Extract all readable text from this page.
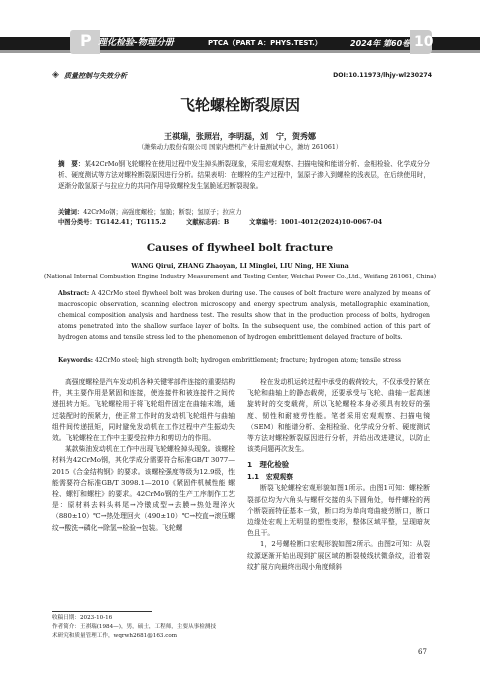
P 理化检验-物理分册	PTCA（PART A：PHYS.TEST.）	2024年 第60卷 10
◈ 质量控制与失效分析	DOI:10.11973/lhjy-wl230274
飞轮螺栓断裂原因
王祺瑞，张照岩，李明磊，刘　宁，贺秀娜
（潍柴动力股份有限公司 国家内燃机产业计量测试中心，潍坊 261061）
摘　要：某42CrMo钢飞轮螺栓在使用过程中发生掉头断裂现象，采用宏观观察、扫描电镜和能谱分析、金相检验、化学成分分析、硬度测试等方法对螺栓断裂原因进行分析。结果表明：在螺栓的生产过程中，氢原子渗入到螺栓的浅表层，在后续使用时，逐渐分散氢原子与拉应力的共同作用导致螺栓发生氢脆延迟断裂现象。
关键词：42CrMo钢；高强度螺栓；氢脆；断裂；氢原子；拉应力
中图分类号：TG142.41；TG115.2	文献标志码：B	文章编号：1001-4012(2024)10-0067-04
Causes of flywheel bolt fracture
WANG Qirui, ZHANG Zhaoyan, LI Minglei, LIU Ning, HE Xiuna
(National Internal Combustion Engine Industry Measurement and Testing Center, Weichai Power Co.,Ltd., Weifang 261061, China)
Abstract: A 42CrMo steel flywheel bolt was broken during use. The causes of bolt fracture were analyzed by means of macroscopic observation, scanning electron microscopy and energy spectrum analysis, metallographic examination, chemical composition analysis and hardness test. The results show that in the production process of bolts, hydrogen atoms penetrated into the shallow surface layer of bolts. In the subsequent use, the combined action of this part of hydrogen atoms and tensile stress led to the phenomenon of hydrogen embrittlement delayed fracture of bolts.
Keywords: 42CrMo steel; high strength bolt; hydrogen embrittlement; fracture; hydrogen atom; tensile stress

高强度螺栓是汽车发动机各种关键零部件连接的重要结构件，其主要作用是紧固和连接，使连接件和被连接件之间传递扭转力矩。飞轮螺栓用于将飞轮组件固定在曲轴末端，通过装配时的预紧力，使正常工作时的发动机飞轮组件与曲轴组件间传递扭矩，同时避免发动机在工作过程中产生振动失效。飞轮螺栓在工作中主要受拉伸力和剪切力的作用。

某款柴油发动机在工作中出现飞轮螺栓掉头现象。该螺栓材料为42CrMo钢，其化学成分需要符合标准GB/T 3077—2015《合金结构钢》的要求。该螺栓强度等级为12.9级，性能需要符合标准GB/T 3098.1—2010《紧固件机械性能 螺栓、螺钉和螺柱》的要求。42CrMo钢的生产工序制作工艺是：原材料去料头料尾→冷镦成型→去膜→热处理淬火（880±10）℃→热处理回火（490±10）℃→校直→滚压螺纹→酸洗→磷化→除氢→检验→包装。飞轮螺

栓在发动机运转过程中承受的载荷较大，不仅承受拧紧在飞轮和曲轴上的静态载荷，还要承受与飞轮、曲轴一起高速旋转时的交变载荷，所以飞轮螺栓本身必须具有较好的强度、韧性和耐疲劳性能。笔者采用宏观观察、扫描电镜（SEM）和能谱分析、金相检验、化学成分分析、硬度测试等方法对螺栓断裂原因进行分析，并给出改进建议，以防止该类问题再次发生。

1　理化检验
1.1　宏观观察

断裂飞轮螺栓宏观形貌如图1所示。由图1可知：螺栓断裂部位均为六角头与螺杆交接的头下圆角处，每件螺栓的两个断裂面特征基本一致，断口均为单向弯曲疲劳断口，断口边缘处宏观上无明显的塑性变形，整体区域平整，呈现暗灰色且干。

1，2号螺栓断口宏观形貌如图2所示。由图2可知：从裂纹源逐渐开始出现到扩展区域的断裂棱线状微条纹，沿着裂纹扩展方向最终出现小角度倾斜

收稿日期：2023-10-16
作者简介：王祺瑞(1984—)，男，硕士，工程师，主要从事检测技
术研究和质量管理工作，wqrwh2681@163.com
67
